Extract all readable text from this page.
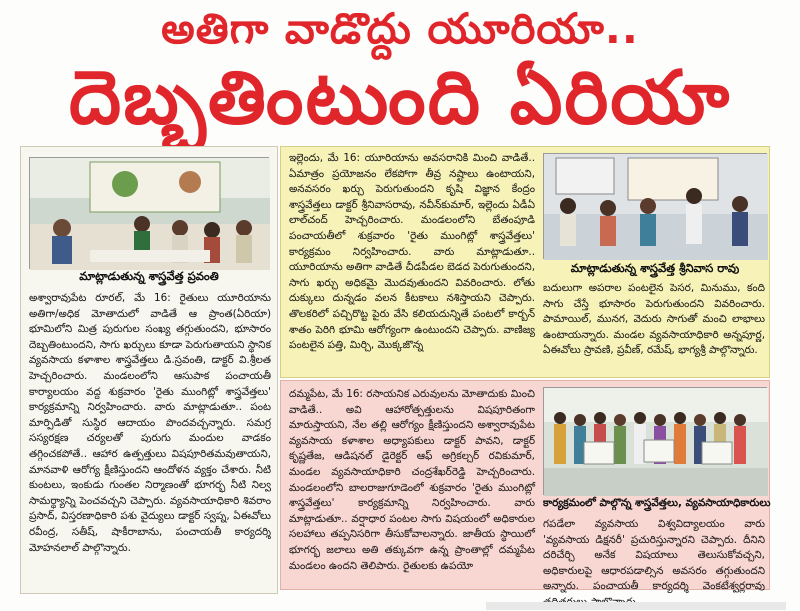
అతిగా వాడొద్దు యూరియా..
దెబ్బతింటుంది ఏరియా
మాట్లాడుతున్న శాస్త్రవేత్త ప్రవంతి
అశ్వారావుపేట రూరల్‌, మే 16: రైతులు యూరియాను అతిగా/అధిక మోతాదులో వాడితే ఆ ప్రాంత(ఏరియా) భూమిలోని మిత్ర పురుగుల సంఖ్య తగ్గుతుందని, భూసారం దెబ్బతింటుందని, సాగు ఖర్చులు కూడా పెరుగుతాయని స్థానిక వ్యవసాయ కళాశాల శాస్త్రవేత్తలు డి.స్రవంతి, డాక్టర్‌ వి.శ్రీలత హెచ్చరించారు. మండలంలోని ఆసుపాక పంచాయతీ కార్యాలయం వద్ద శుక్రవారం 'రైతు ముంగిట్లో శాస్త్రవేత్తలు' కార్యక్రమాన్ని నిర్వహించారు. వారు మాట్లాడుతూ.. పంట మార్పిడితో సుస్థిర ఆదాయం పొందవచ్చన్నారు. సమగ్ర సస్యరక్షణ చర్యలతో పురుగు మందుల వాడకం తగ్గించకపోతే.. ఆహార ఉత్పత్తులు విషపూరితమవుతాయని, మానవాళి ఆరోగ్య క్షీణిస్తుందని ఆందోళన వ్యక్తం చేశారు. నీటి కుంటలు, ఇంకుడు గుంతల నిర్మాణంతో భూగర్భ నీటి నిల్వ సామర్థ్యాన్ని పెంచవచ్చని చెప్పారు. వ్యవసాయాధికారి శివరాం ప్రసాద్‌, విస్తరణాధికారి పశు వైద్యులు డాక్టర్‌ స్వప్న, ఏఈవోలు రవీంద్ర, సతీష్‌, షాకీరాబాను, పంచాయతీ కార్యదర్శి మోహనలాల్‌ పాల్గొన్నారు.
ఇల్లెందు, మే 16: యూరియాను అవసరానికి మించి వాడితే.. ఏమాత్రం ప్రయోజనం లేకపోగా తీవ్ర నష్టాలు ఉంటాయని, అనవసరం ఖర్చు పెరుగుతుందని కృషి విజ్ఞాన కేంద్రం శాస్త్రవేత్తలు డాక్టర్‌ శ్రీనివాసరావు, నవీన్‌కుమార్‌, ఇల్లెందు ఏడీఏ లాల్‌చంద్‌ హెచ్చరించారు. మండలంలోని బేతంపూడి పంచాయతీలో శుక్రవారం 'రైతు ముంగిట్లో శాస్త్రవేత్తలు' కార్యక్రమం నిర్వహించారు. వారు మాట్లాడుతూ.. యూరియాను అతిగా వాడితే చీడపీడల బెడద పెరుగుతుందని, సాగు ఖర్చు అధికమై మొదవుతుందని వివరించారు. లోతు దుక్కులు దున్నడం వలన కీటకాలు నశిస్తాయని చెప్పారు. తొలకరిలో పచ్చిరొట్ట పైరు వేసి కలియదున్నితే పంటలో కార్బన్‌ శాతం పెరిగి భూమి ఆరోగ్యంగా ఉంటుందని చెప్పారు. వాణిజ్య పంటలైన పత్తి, మిర్చి, మొక్కజొన్న
మాట్లాడుతున్న శాస్త్రవేత్త శ్రీనివాస రావు
బదులుగా అపరాల పంటలైన పెసర, మినుము, కంది సాగు చేస్తే భూసారం పెరుగుతుందని వివరించారు. పామాయిల్‌, మునగ, వెదురు సాగుతో మంచి లాభాలు ఉంటాయన్నారు. మండల వ్యవసాయాధికారి అన్నపూర్ణ, ఏఈవోలు స్రావణి, ప్రవీణ్‌, రమేష్‌, భాగ్యశ్రీ పాల్గొన్నారు.
దమ్మపేట, మే 16: రసాయనిక ఎరువులను మోతాదుకు మించి వాడితే.. అవి ఆహారోత్పత్తులను విషపూరితంగా మారుస్తాయని, నేల తల్లి ఆరోగ్యం క్షీణిస్తుందని అశ్వారావుపేట వ్యవసాయ కళాశాల అధ్యాపకులు డాక్టర్‌ పావని, డాక్టర్‌ కృష్ణతేజ, ఆడిషనల్‌ డైరెక్టర్‌ ఆఫ్‌ అగ్రికల్చర్‌ రవికుమార్‌, మండల వ్యవసాయాధికారి చంద్రశేఖర్‌రెడ్డి హెచ్చరించారు. మండలంలోని బాలరాజుగూడెంలో శుక్రవారం 'రైతు ముంగిట్లో శాస్త్రవేత్తలు' కార్యక్రమాన్ని నిర్వహించారు. వారు మాట్లాడుతూ.. వర్షాధార పంటల సాగు విషయంలో అధికారుల సలహాలు తప్పనిసరిగా తీసుకోవాలన్నారు. జాతీయ స్థాయిలో భూగర్భ జలాలు అతి తక్కువగా ఉన్న ప్రాంతాల్లో దమ్మపేట మండలం ఉందని తెలిపారు. రైతులకు ఉపయో
కార్యక్రమంలో పాల్గొన్న శాస్త్రవేత్తలు, వ్యవసాయాధికారులు
గపడేలా వ్యవసాయ విశ్వవిద్యాలయం వారు 'వ్యవసాయ డిక్షనరీ' ప్రచురిస్తున్నారని చెప్పారు. దీనిని దరిచేర్చి అనేక విషయాలు తెలుసుకోవచ్చని, అధికారులపై ఆధారపడాల్సిన అవసరం తగ్గుతుందని అన్నారు. పంచాయతీ కార్యదర్శి వెంకటేశ్వర్లరావు
